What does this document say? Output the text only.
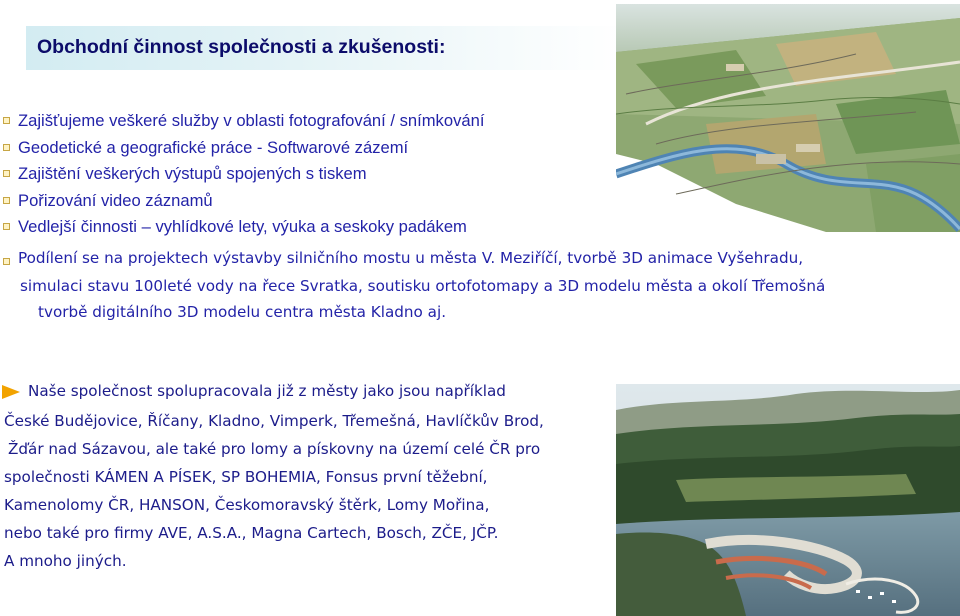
Obchodní činnost společnosti a zkušenosti:
Zajišťujeme veškeré služby v oblasti fotografování / snímkování
Geodetické a geografické práce - Softwarové zázemí
Zajištění veškerých výstupů spojených s tiskem
Pořizování video záznamů
Vedlejší činnosti – vyhlídkové lety, výuka a seskoky padákem
Podílení se na projektech výstavby silničního mostu u města V. Meziříčí, tvorbě 3D animace Vyšehradu,
simulaci stavu 100leté vody na řece Svratka, soutisku ortofotomapy a 3D modelu města a okolí Třemošná
tvorbě digitálního 3D modelu centra města Kladno aj.
Naše společnost spolupracovala již z městy jako jsou například
České Budějovice, Říčany, Kladno, Vimperk, Třemešná, Havlíčkův Brod,
Žďár nad Sázavou, ale také pro lomy a pískovny na území celé ČR pro
společnosti KÁMEN A PÍSEK, SP BOHEMIA, Fonsus první těžební,
Kamenolomy ČR, HANSON, Českomoravský štěrk, Lomy Mořina,
nebo také pro firmy AVE, A.S.A., Magna Cartech, Bosch, ZČE, JČP.
A mnoho jiných.
